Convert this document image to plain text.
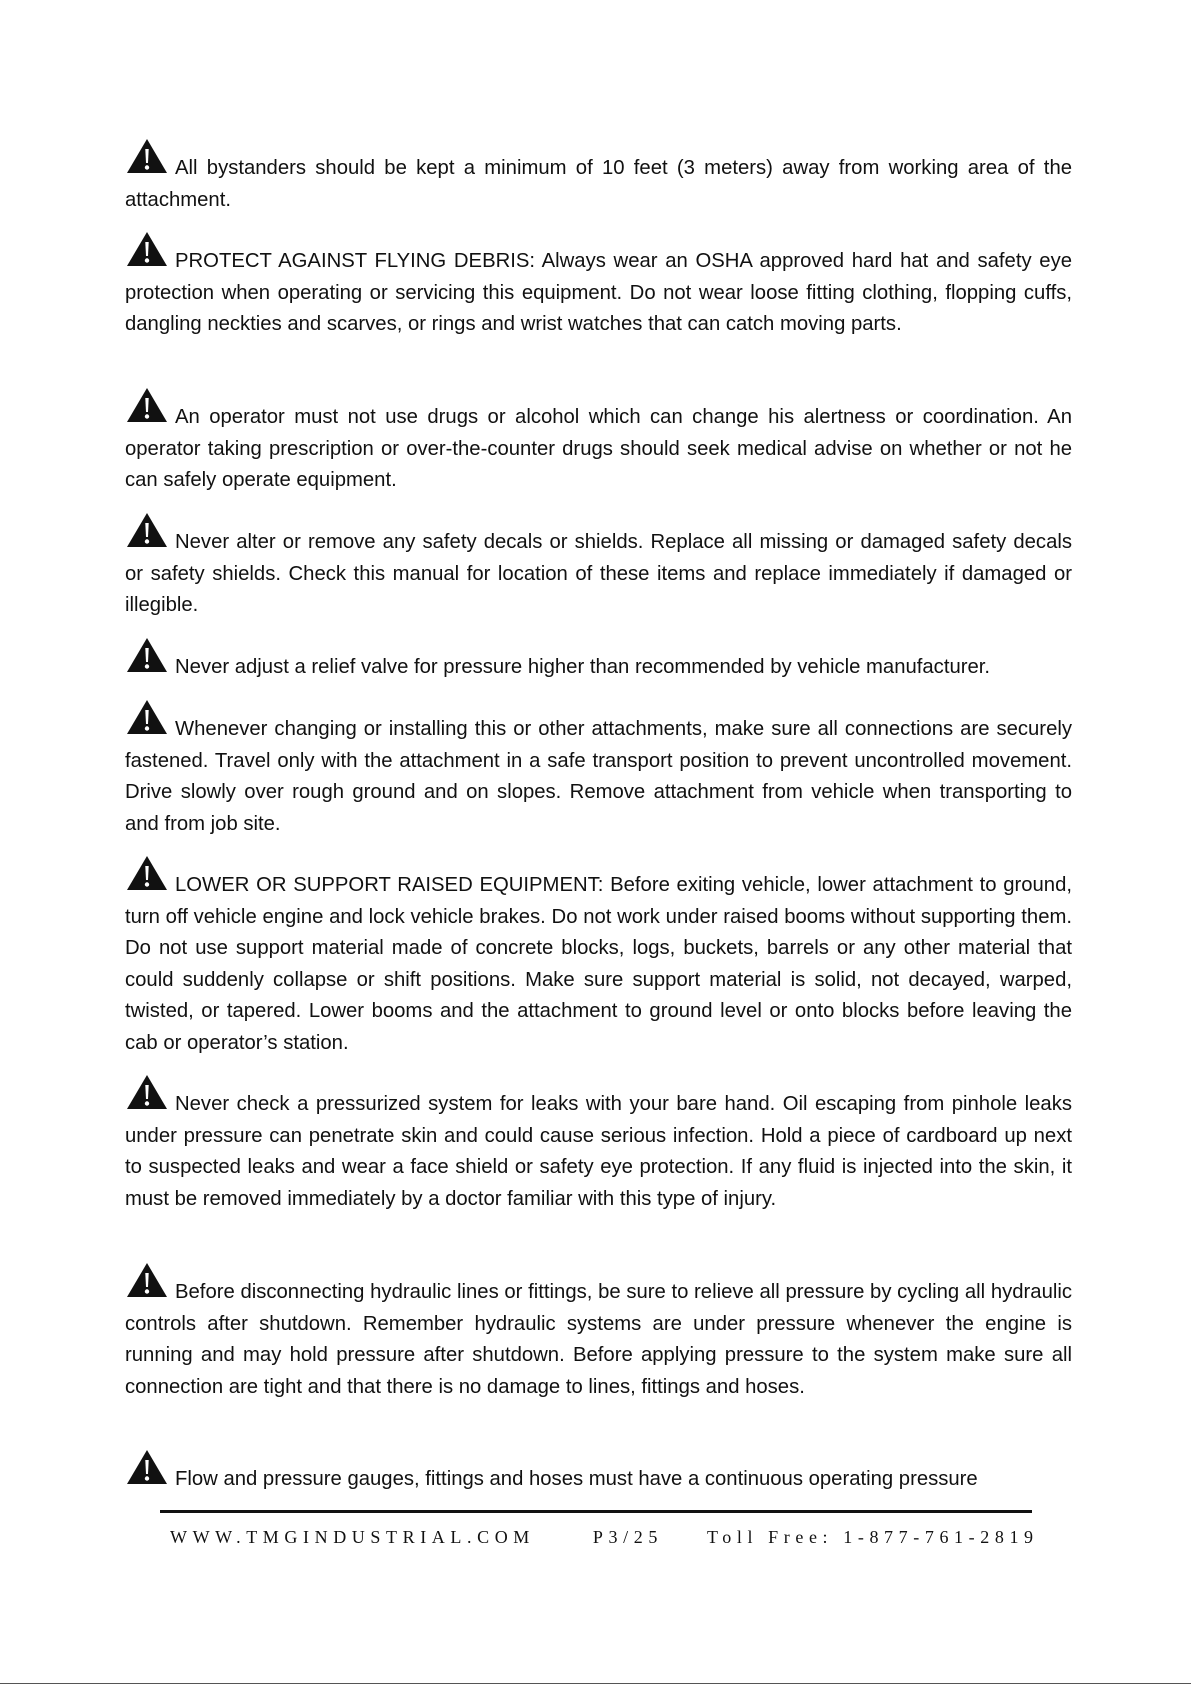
All bystanders should be kept a minimum of 10 feet (3 meters) away from working area of the attachment.

PROTECT AGAINST FLYING DEBRIS: Always wear an OSHA approved hard hat and safety eye protection when operating or servicing this equipment. Do not wear loose fitting clothing, flopping cuffs, dangling neckties and scarves, or rings and wrist watches that can catch moving parts.

An operator must not use drugs or alcohol which can change his alertness or coordination. An operator taking prescription or over-the-counter drugs should seek medical advise on whether or not he can safely operate equipment.

Never alter or remove any safety decals or shields. Replace all missing or damaged safety decals or safety shields. Check this manual for location of these items and replace immediately if damaged or illegible.

Never adjust a relief valve for pressure higher than recommended by vehicle manufacturer.

Whenever changing or installing this or other attachments, make sure all connections are securely fastened. Travel only with the attachment in a safe transport position to prevent uncontrolled movement. Drive slowly over rough ground and on slopes. Remove attachment from vehicle when transporting to and from job site.

LOWER OR SUPPORT RAISED EQUIPMENT: Before exiting vehicle, lower attachment to ground, turn off vehicle engine and lock vehicle brakes. Do not work under raised booms without supporting them. Do not use support material made of concrete blocks, logs, buckets, barrels or any other material that could suddenly collapse or shift positions. Make sure support material is solid, not decayed, warped, twisted, or tapered. Lower booms and the attachment to ground level or onto blocks before leaving the cab or operator’s station.

Never check a pressurized system for leaks with your bare hand. Oil escaping from pinhole leaks under pressure can penetrate skin and could cause serious infection. Hold a piece of cardboard up next to suspected leaks and wear a face shield or safety eye protection. If any fluid is injected into the skin, it must be removed immediately by a doctor familiar with this type of injury.

Before disconnecting hydraulic lines or fittings, be sure to relieve all pressure by cycling all hydraulic controls after shutdown. Remember hydraulic systems are under pressure whenever the engine is running and may hold pressure after shutdown. Before applying pressure to the system make sure all connection are tight and that there is no damage to lines, fittings and hoses.

Flow and pressure gauges, fittings and hoses must have a continuous operating pressure

WWW.TMGINDUSTRIAL.COM	P3/25 Toll Free: 1-877-761-2819
